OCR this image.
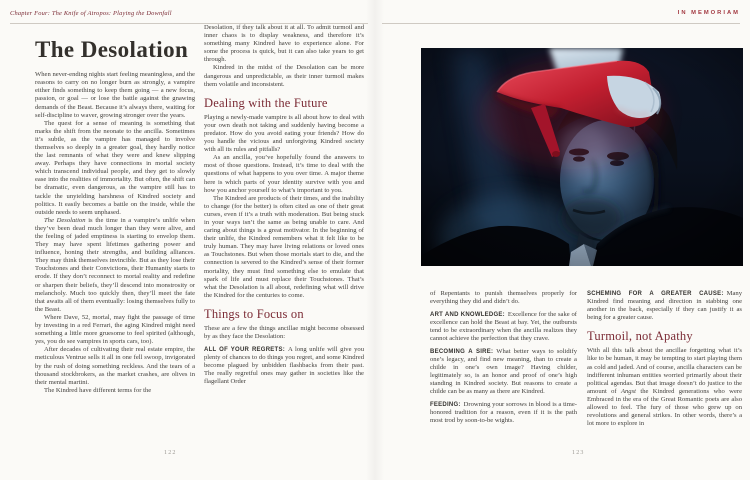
Chapter Four: The Knife of Atropos: Playing the Downfall
The Desolation

When never-ending nights start feeling meaningless, and the reasons to carry on no longer burn as strongly, a vampire either finds something to keep them going — a new focus, passion, or goal — or lose the battle against the gnawing demands of the Beast. Because it’s always there, waiting for self-discipline to waver, growing stronger over the years.

The quest for a sense of meaning is something that marks the shift from the neonate to the ancilla. Sometimes it’s subtle, as the vampire has managed to involve themselves so deeply in a greater goal, they hardly notice the last remnants of what they were and knew slipping away. Perhaps they have connections in mortal society which transcend individual people, and they get to slowly ease into the realities of immortality. But often, the shift can be dramatic, even dangerous, as the vampire still has to tackle the unyielding harshness of Kindred society and politics. It easily becomes a battle on the inside, while the outside needs to seem unphased.

The Desolation is the time in a vampire’s unlife when they’ve been dead much longer than they were alive, and the feeling of jaded emptiness is starting to envelop them. They may have spent lifetimes gathering power and influence, honing their strengths, and building alliances. They may think themselves invincible. But as they lose their Touchstones and their Convictions, their Humanity starts to erode. If they don’t reconnect to mortal reality and redefine or sharpen their beliefs, they’ll descend into monstrosity or melancholy. Much too quickly then, they’ll meet the fate that awaits all of them eventually: losing themselves fully to the Beast.

Where Dave, 52, mortal, may fight the passage of time by investing in a red Ferrari, the aging Kindred might need something a little more gruesome to feel spirited (although, yes, you do see vampires in sports cars, too).

After decades of cultivating their real estate empire, the meticulous Ventrue sells it all in one fell swoop, invigorated by the rush of doing something reckless. And the tears of a thousand stockbrokers, as the market crashes, are olives in their mental martini.

The Kindred have different terms for the

Desolation, if they talk about it at all. To admit turmoil and inner chaos is to display weakness, and therefore it’s something many Kindred have to experience alone. For some the process is quick, but it can also take years to get through.

Kindred in the midst of the Desolation can be more dangerous and unpredictable, as their inner turmoil makes them volatile and inconsistent.

Dealing with the Future

Playing a newly-made vampire is all about how to deal with your own death not taking and suddenly having become a predator. How do you avoid eating your friends? How do you handle the vicious and unforgiving Kindred society with all its rules and pitfalls?

As an ancilla, you’ve hopefully found the answers to most of those questions. Instead, it’s time to deal with the questions of what happens to you over time. A major theme here is which parts of your identity survive with you and how you anchor yourself to what’s important to you.

The Kindred are products of their times, and the inability to change (for the better) is often cited as one of their great curses, even if it’s a truth with moderation. But being stuck in your ways isn’t the same as being unable to care. And caring about things is a great motivator. In the beginning of their unlife, the Kindred remembers what it felt like to be truly human. They may have living relations or loved ones as Touchstones. But when those mortals start to die, and the connection is severed to the Kindred’s sense of their former mortality, they must find something else to emulate that spark of life and must replace their Touchstones. That’s what the Desolation is all about, redefining what will drive the Kindred for the centuries to come.

Things to Focus on

These are a few the things ancillae might become obsessed by as they face the Desolation:

ALL OF YOUR REGRETS: A long unlife will give you plenty of chances to do things you regret, and some Kindred become plagued by unbidden flashbacks from their past. The really regretful ones may gather in societies like the flagellant Order

122
IN MEMORIAM

of Repentants to punish themselves properly for everything they did and didn’t do.

ART AND KNOWLEDGE: Excellence for the sake of excellence can hold the Beast at bay. Yet, the outbursts tend to be extraordinary when the ancilla realizes they cannot achieve the perfection that they crave.

BECOMING A SIRE: What better ways to solidify one’s legacy, and find new meaning, than to create a childe in one’s own image? Having childer, legitimately so, is an honor and proof of one’s high standing in Kindred society. But reasons to create a childe can be as many as there are Kindred.

FEEDING: Drowning your sorrows in blood is a time-honored tradition for a reason, even if it is the path most trod by soon-to-be wights.

SCHEMING FOR A GREATER CAUSE: Many Kindred find meaning and direction in stabbing one another in the back, especially if they can justify it as being for a greater cause.

Turmoil, not Apathy

With all this talk about the ancillae forgetting what it’s like to be human, it may be tempting to start playing them as cold and jaded. And of course, ancilla characters can be indifferent inhuman entities worried primarily about their political agendas. But that image doesn’t do justice to the amount of Angst the Kindred generations who were Embraced in the era of the Great Romantic poets are also allowed to feel. The fury of those who grew up on revolutions and general strikes. In other words, there’s a lot more to explore in

123
